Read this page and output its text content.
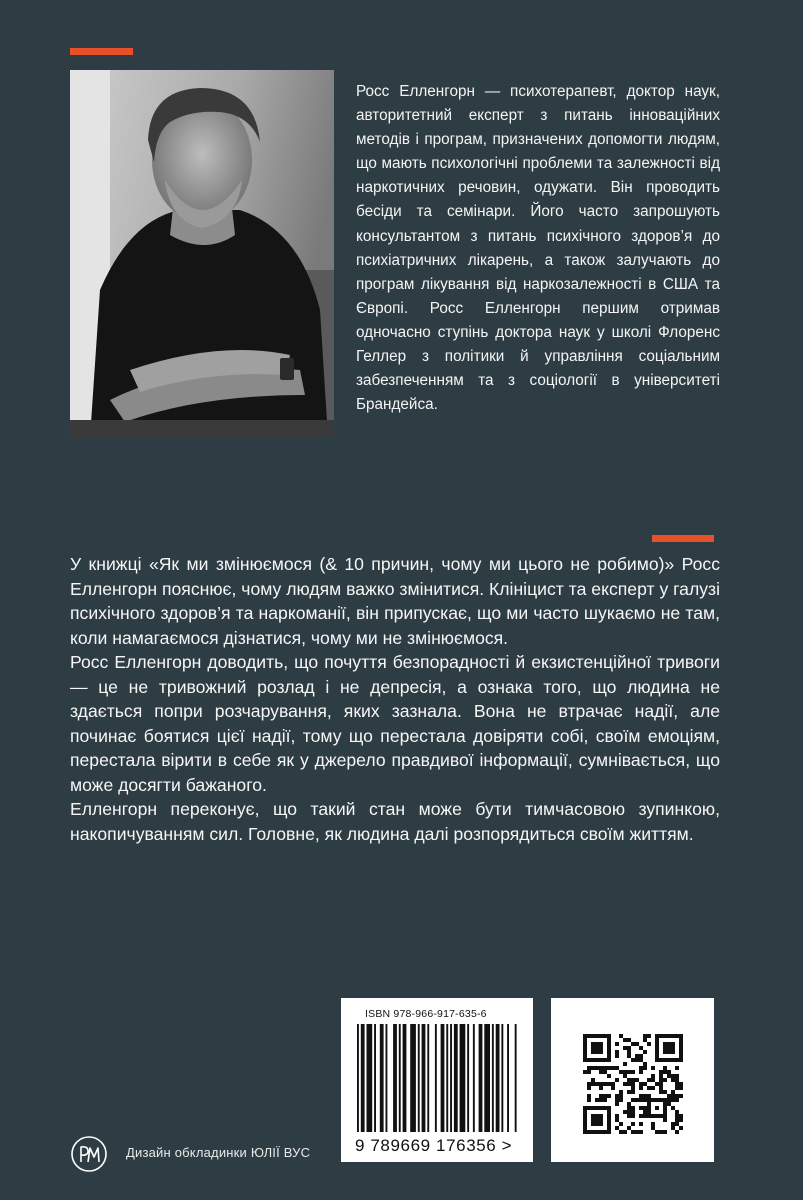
Росс Елленгорн — психотерапевт, доктор наук, авторитетний експерт з питань інноваційних методів і програм, призначених допомогти людям, що мають психологічні проблеми та залежності від наркотичних речовин, одужати. Він проводить бесіди та семінари. Його часто запрошують консультантом з питань психічного здоров’я до психіатричних лікарень, а також залучають до програм лікування від наркозалежності в США та Європі. Росс Елленгорн першим отримав одночасно ступінь доктора наук у школі Флоренс Геллер з політики й управління соціальним забезпеченням та з соціології в університеті Брандейса.

У книжці «Як ми змінюємося (& 10 причин, чому ми цього не робимо)» Росс Елленгорн пояснює, чому людям важко змінитися. Клініцист та експерт у галузі психічного здоров’я та наркоманії, він припускає, що ми часто шукаємо не там, коли намагаємося дізнатися, чому ми не змінюємося.

Росс Елленгорн доводить, що почуття безпорадності й екзистенційної тривоги — це не тривожний розлад і не депресія, а ознака того, що людина не здається попри розчарування, яких зазнала. Вона не втрачає надії, але починає боятися цієї надії, тому що перестала довіряти собі, своїм емоціям, перестала вірити в себе як у джерело правдивої інформації, сумнівається, що може досягти бажаного.

Елленгорн переконує, що такий стан може бути тимчасовою зупинкою, накопичуванням сил. Головне, як людина далі розпорядиться своїм життям.

ISBN 978-966-917-635-6
9 789669 176356 >
Дизайн обкладинки ЮЛІЇ ВУС
